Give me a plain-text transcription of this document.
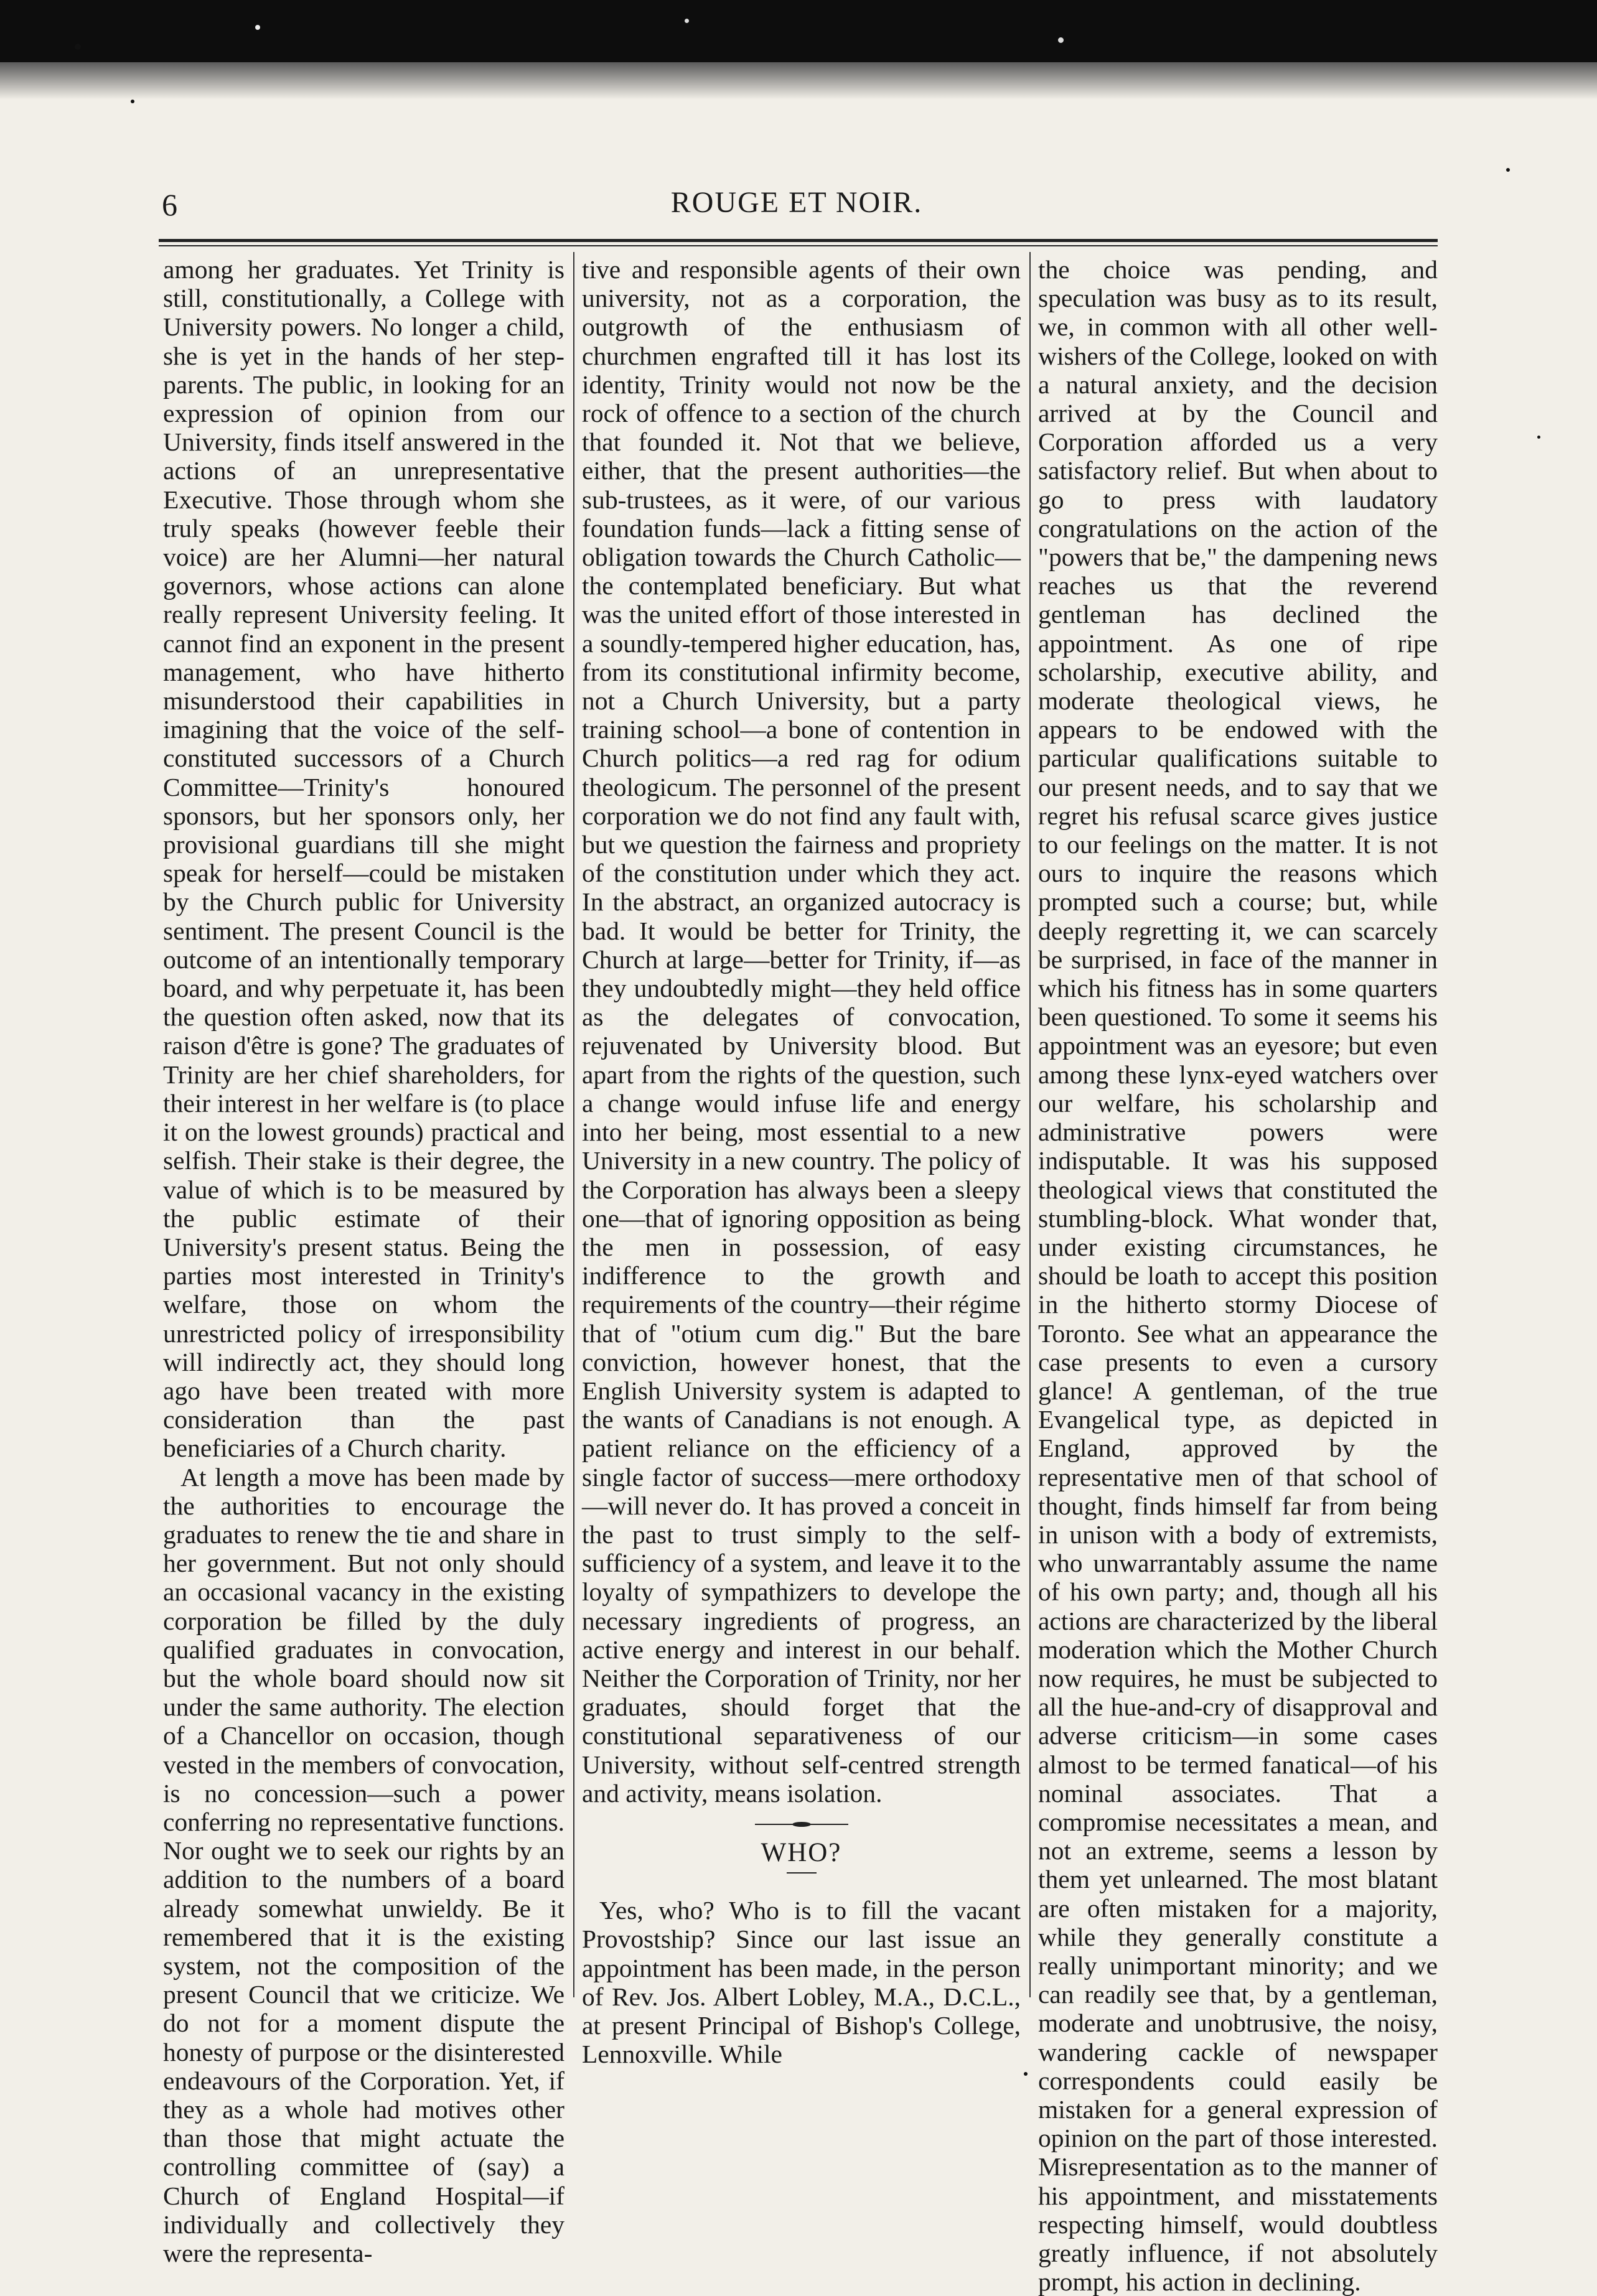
6	ROUGE ET NOIR.

among her graduates. Yet Trinity is still, constitutionally, a College with University powers. No longer a child, she is yet in the hands of her step-parents. The public, in looking for an expression of opinion from our University, finds itself answered in the actions of an unrepresentative Executive. Those through whom she truly speaks (however feeble their voice) are her Alumni—her natural governors, whose actions can alone really represent University feeling. It cannot find an exponent in the present management, who have hitherto misunderstood their capabilities in imagining that the voice of the self-constituted successors of a Church Committee—Trinity's honoured sponsors, but her sponsors only, her provisional guardians till she might speak for herself—could be mistaken by the Church public for University sentiment. The present Council is the outcome of an intentionally temporary board, and why perpetuate it, has been the question often asked, now that its raison d'être is gone? The graduates of Trinity are her chief shareholders, for their interest in her welfare is (to place it on the lowest grounds) practical and selfish. Their stake is their degree, the value of which is to be measured by the public estimate of their University's present status. Being the parties most interested in Trinity's welfare, those on whom the unrestricted policy of irresponsibility will indirectly act, they should long ago have been treated with more consideration than the past beneficiaries of a Church charity.

At length a move has been made by the authorities to encourage the graduates to renew the tie and share in her government. But not only should an occasional vacancy in the existing corporation be filled by the duly qualified graduates in convocation, but the whole board should now sit under the same authority. The election of a Chancellor on occasion, though vested in the members of convocation, is no concession—such a power conferring no representative functions. Nor ought we to seek our rights by an addition to the numbers of a board already somewhat unwieldy. Be it remembered that it is the existing system, not the composition of the present Council that we criticize. We do not for a moment dispute the honesty of purpose or the disinterested endeavours of the Corporation. Yet, if they as a whole had motives other than those that might actuate the controlling committee of (say) a Church of England Hospital—if individually and collectively they were the representa-

tive and responsible agents of their own university, not as a corporation, the outgrowth of the enthusiasm of churchmen engrafted till it has lost its identity, Trinity would not now be the rock of offence to a section of the church that founded it. Not that we believe, either, that the present authorities—the sub-trustees, as it were, of our various foundation funds—lack a fitting sense of obligation towards the Church Catholic—the contemplated beneficiary. But what was the united effort of those interested in a soundly-tempered higher education, has, from its constitutional infirmity become, not a Church University, but a party training school—a bone of contention in Church politics—a red rag for odium theologicum. The personnel of the present corporation we do not find any fault with, but we question the fairness and propriety of the constitution under which they act. In the abstract, an organized autocracy is bad. It would be better for Trinity, the Church at large—better for Trinity, if—as they undoubtedly might—they held office as the delegates of convocation, rejuvenated by University blood. But apart from the rights of the question, such a change would infuse life and energy into her being, most essential to a new University in a new country. The policy of the Corporation has always been a sleepy one—that of ignoring opposition as being the men in possession, of easy indifference to the growth and requirements of the country—their régime that of "otium cum dig." But the bare conviction, however honest, that the English University system is adapted to the wants of Canadians is not enough. A patient reliance on the efficiency of a single factor of success—mere orthodoxy—will never do. It has proved a conceit in the past to trust simply to the self-sufficiency of a system, and leave it to the loyalty of sympathizers to develope the necessary ingredients of progress, an active energy and interest in our behalf. Neither the Corporation of Trinity, nor her graduates, should forget that the constitutional separativeness of our University, without self-centred strength and activity, means isolation.

WHO?

Yes, who? Who is to fill the vacant Provostship? Since our last issue an appointment has been made, in the person of Rev. Jos. Albert Lobley, M.A., D.C.L., at present Principal of Bishop's College, Lennoxville. While

the choice was pending, and speculation was busy as to its result, we, in common with all other well-wishers of the College, looked on with a natural anxiety, and the decision arrived at by the Council and Corporation afforded us a very satisfactory relief. But when about to go to press with laudatory congratulations on the action of the "powers that be," the dampening news reaches us that the reverend gentleman has declined the appointment. As one of ripe scholarship, executive ability, and moderate theological views, he appears to be endowed with the particular qualifications suitable to our present needs, and to say that we regret his refusal scarce gives justice to our feelings on the matter. It is not ours to inquire the reasons which prompted such a course; but, while deeply regretting it, we can scarcely be surprised, in face of the manner in which his fitness has in some quarters been questioned. To some it seems his appointment was an eyesore; but even among these lynx-eyed watchers over our welfare, his scholarship and administrative powers were indisputable. It was his supposed theological views that constituted the stumbling-block. What wonder that, under existing circumstances, he should be loath to accept this position in the hitherto stormy Diocese of Toronto. See what an appearance the case presents to even a cursory glance! A gentleman, of the true Evangelical type, as depicted in England, approved by the representative men of that school of thought, finds himself far from being in unison with a body of extremists, who unwarrantably assume the name of his own party; and, though all his actions are characterized by the liberal moderation which the Mother Church now requires, he must be subjected to all the hue-and-cry of disapproval and adverse criticism—in some cases almost to be termed fanatical—of his nominal associates. That a compromise necessitates a mean, and not an extreme, seems a lesson by them yet unlearned. The most blatant are often mistaken for a majority, while they generally constitute a really unimportant minority; and we can readily see that, by a gentleman, moderate and unobtrusive, the noisy, wandering cackle of newspaper correspondents could easily be mistaken for a general expression of opinion on the part of those interested. Misrepresentation as to the manner of his appointment, and misstatements respecting himself, would doubtless greatly influence, if not absolutely prompt, his action in declining.
